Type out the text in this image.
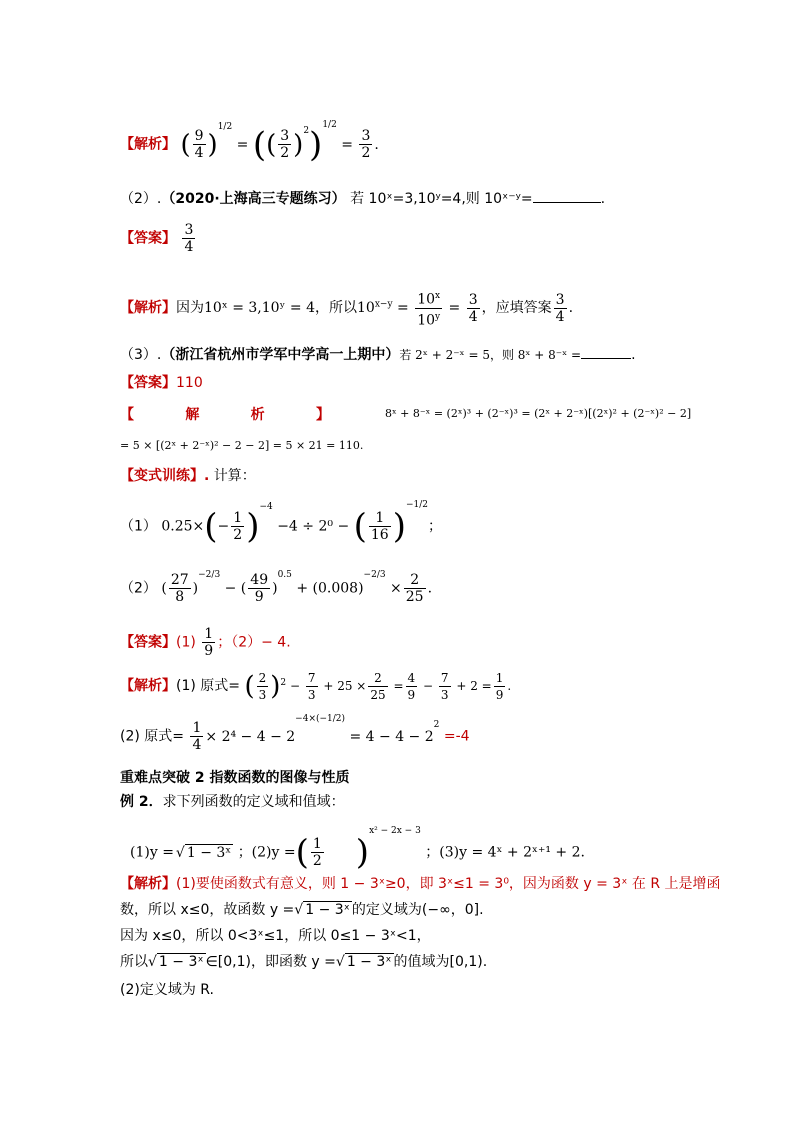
【解析】 ( $\frac{9}{4} )^{1/2}$ = (( $\frac{3}{2} )^2)^{1/2} = \frac{3}{2}$ .
（2）.（2020·上海高三专题练习） 若 10ˣ=3,10ʸ=4,则 10ˣ⁻ʸ=	.
【答案】 $\frac{3}{4}$
【解析】因为10ˣ = 3,10ʸ = 4，所以$10^{x-y} = \frac{10^x}{10^y} = \frac{3}{4}$ ，应填答案 $\frac{3}{4}$ .
（3）.（浙江省杭州市学军中学高一上期中）若 2ˣ + 2⁻ˣ = 5，则 8ˣ + 8⁻ˣ =	.
【答案】110
【	解	析	】	8ˣ + 8⁻ˣ = (2ˣ)³ + (2⁻ˣ)³ = (2ˣ + 2⁻ˣ)[(2ˣ)² + (2⁻ˣ)² − 2]
= 5 × [(2ˣ + 2⁻ˣ)² − 2 − 2] = 5 × 21 = 110.
【变式训练】. 计算：
（1） $0.25\times(- \frac{1}{2} )^{-4} -4 \div 2^0$ − ( $\frac{1}{16} )^{-1/2}$；
（2） ( $\frac{27}{8} )^{-2/3}$ − ( $\frac{49}{9} )^{0.5} + (0.008)^{-2/3} \times \frac{2}{25}$ .
【答案】$(1) \frac{1}{9}$ ；（2）− 4.
【解析】(1) 原式= ( $\frac{2}{3} )^2 - \frac{7}{3} + 25 \times \frac{2}{25} = \frac{4}{9} - \frac{7}{3} + 2 = \frac{1}{9}$ .
(2) 原式= $\frac{1}{4} \times 2^4 - 4 - 2^{-4\times(-1/2)} = 4 - 4 - 2^2 =-4$
重难点突破 2 指数函数的图像与性质
例 2．求下列函数的定义域和值域：
(1)y = √ 1 − 3ˣ ；(2)y =( $\frac{1}{2} )^{x^2 - 2x - 3}$ ；(3)y = 4ˣ + 2ˣ⁺¹ + 2.
【解析】(1)要使函数式有意义，则 1 − 3ˣ≥0，即 3ˣ≤1 = 3⁰，因为函数 y = 3ˣ 在 R 上是增函
数，所以 x≤0，故函数 y =√ 1 − 3ˣ 的定义域为(−∞，0].
因为 x≤0，所以 0<3ˣ≤1，所以 0≤1 − 3ˣ<1，
所以√ 1 − 3ˣ ∈[0,1)，即函数 y =√ 1 − 3ˣ 的值域为[0,1).
(2)定义域为 R.
